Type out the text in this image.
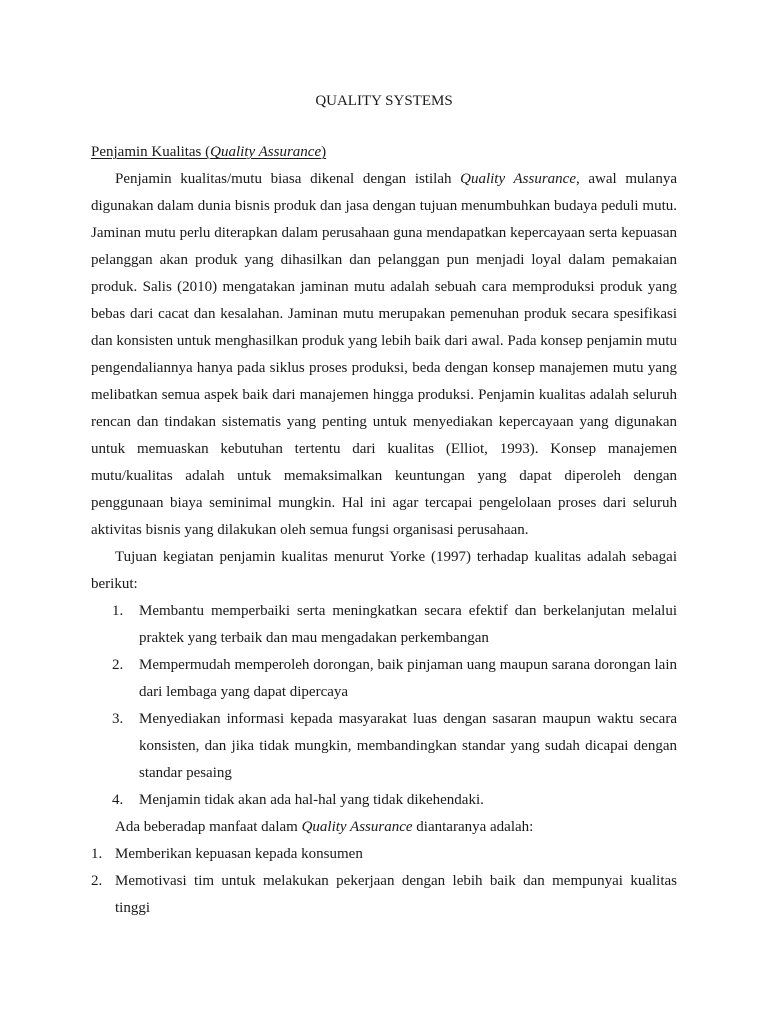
QUALITY SYSTEMS

Penjamin Kualitas (Quality Assurance)

Penjamin kualitas/mutu biasa dikenal dengan istilah Quality Assurance, awal mulanya digunakan dalam dunia bisnis produk dan jasa dengan tujuan menumbuhkan budaya peduli mutu. Jaminan mutu perlu diterapkan dalam perusahaan guna mendapatkan kepercayaan serta kepuasan pelanggan akan produk yang dihasilkan dan pelanggan pun menjadi loyal dalam pemakaian produk. Salis (2010) mengatakan jaminan mutu adalah sebuah cara memproduksi produk yang bebas dari cacat dan kesalahan. Jaminan mutu merupakan pemenuhan produk secara spesifikasi dan konsisten untuk menghasilkan produk yang lebih baik dari awal. Pada konsep penjamin mutu pengendaliannya hanya pada siklus proses produksi, beda dengan konsep manajemen mutu yang melibatkan semua aspek baik dari manajemen hingga produksi. Penjamin kualitas adalah seluruh rencan dan tindakan sistematis yang penting untuk menyediakan kepercayaan yang digunakan untuk memuaskan kebutuhan tertentu dari kualitas (Elliot, 1993). Konsep manajemen mutu/kualitas adalah untuk memaksimalkan keuntungan yang dapat diperoleh dengan penggunaan biaya seminimal mungkin. Hal ini agar tercapai pengelolaan proses dari seluruh aktivitas bisnis yang dilakukan oleh semua fungsi organisasi perusahaan.

Tujuan kegiatan penjamin kualitas menurut Yorke (1997) terhadap kualitas adalah sebagai berikut:

1. Membantu memperbaiki serta meningkatkan secara efektif dan berkelanjutan melalui praktek yang terbaik dan mau mengadakan perkembangan
2. Mempermudah memperoleh dorongan, baik pinjaman uang maupun sarana dorongan lain dari lembaga yang dapat dipercaya
3. Menyediakan informasi kepada masyarakat luas dengan sasaran maupun waktu secara konsisten, dan jika tidak mungkin, membandingkan standar yang sudah dicapai dengan standar pesaing
4. Menjamin tidak akan ada hal-hal yang tidak dikehendaki.

Ada beberadap manfaat dalam Quality Assurance diantaranya adalah:

1. Memberikan kepuasan kepada konsumen
2. Memotivasi tim untuk melakukan pekerjaan dengan lebih baik dan mempunyai kualitas tinggi
